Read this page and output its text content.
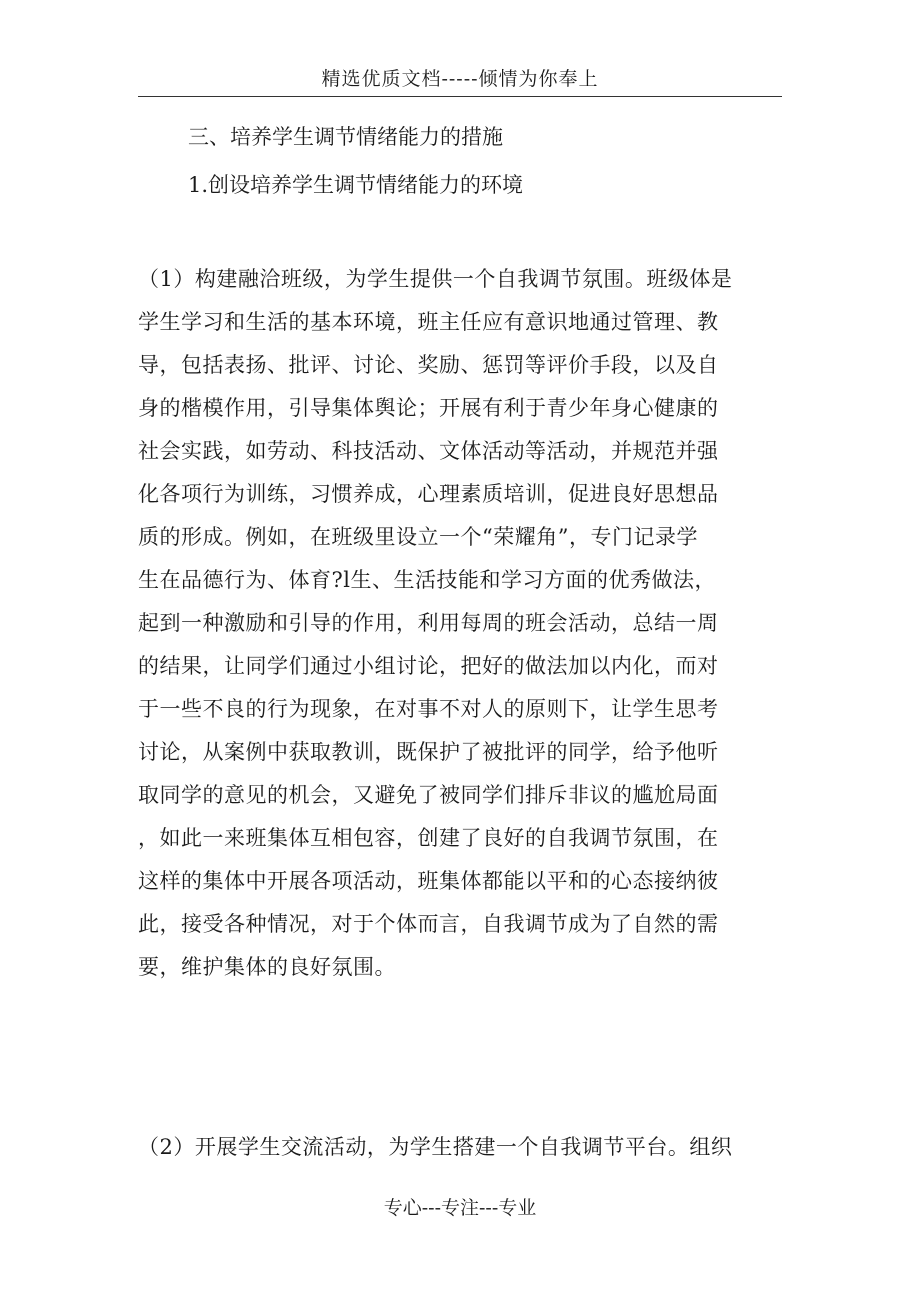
精选优质文档-----倾情为你奉上
三、培养学生调节情绪能力的措施
1.创设培养学生调节情绪能力的环境
（1）构建融洽班级，为学生提供一个自我调节氛围。班级体是
学生学习和生活的基本环境，班主任应有意识地通过管理、教
导，包括表扬、批评、讨论、奖励、惩罚等评价手段，以及自
身的楷模作用，引导集体舆论；开展有利于青少年身心健康的
社会实践，如劳动、科技活动、文体活动等活动，并规范并强
化各项行为训练，习惯养成，心理素质培训，促进良好思想品
质的形成。例如，在班级里设立一个“荣耀角”，专门记录学
生在品德行为、体育?l生、生活技能和学习方面的优秀做法，
起到一种激励和引导的作用，利用每周的班会活动，总结一周
的结果，让同学们通过小组讨论，把好的做法加以内化，而对
于一些不良的行为现象，在对事不对人的原则下，让学生思考
讨论，从案例中获取教训，既保护了被批评的同学，给予他听
取同学的意见的机会，又避免了被同学们排斥非议的尴尬局面
，如此一来班集体互相包容，创建了良好的自我调节氛围，在
这样的集体中开展各项活动，班集体都能以平和的心态接纳彼
此，接受各种情况，对于个体而言，自我调节成为了自然的需
要，维护集体的良好氛围。
（2）开展学生交流活动，为学生搭建一个自我调节平台。组织
专心---专注---专业
